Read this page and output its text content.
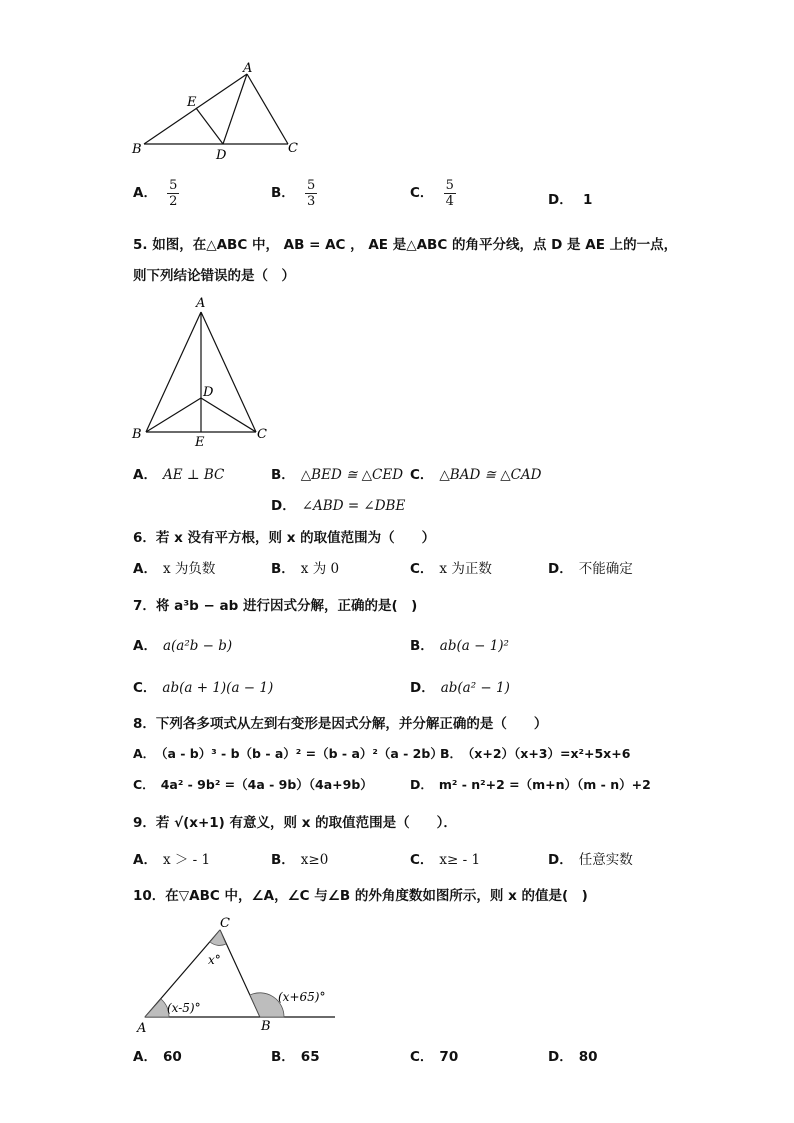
A
E
B	D	C
A． $\frac{5}{2}$	B． $\frac{5}{3}$	C． $\frac{5}{4}$	D． 1
5. 如图，在△ABC 中， AB = AC ， AE 是△ABC 的角平分线，点 D 是 AE 上的一点，
则下列结论错误的是（　）
A
D
B
E
C
A． AE ⊥ BC	B． △BED ≅ △CED C． △BAD ≅ △CAD
D． ∠ABD = ∠DBE
6．若 x 没有平方根，则 x 的取值范围为（　　）
A． x 为负数	B． x 为 0	C． x 为正数	D． 不能确定
7．将 a³b − ab 进行因式分解，正确的是(　)
A． a(a²b − b)	B． ab(a − 1)²
C． ab(a + 1)(a − 1)	D． ab(a² − 1)
8．下列各多项式从左到右变形是因式分解，并分解正确的是（　　）
A． （a - b）³ - b（b - a）² =（b - a）²（a - 2b）
B． （x+2）（x+3）=x²+5x+6
C． 4a² - 9b² =（4a - 9b）（4a+9b）	D． m² - n²+2 =（m+n）（m - n）+2
9．若 √(x+1) 有意义，则 x 的取值范围是（　　）．
A． x ＞ - 1	B． x≥0	C． x≥ - 1	D． 任意实数
10．在▽ABC 中，∠A，∠C 与∠B 的外角度数如图所示，则 x 的值是(　)
C
x°
(x+65)°
(x-5)°
A	B
A． 60	B． 65	C． 70	D． 80
